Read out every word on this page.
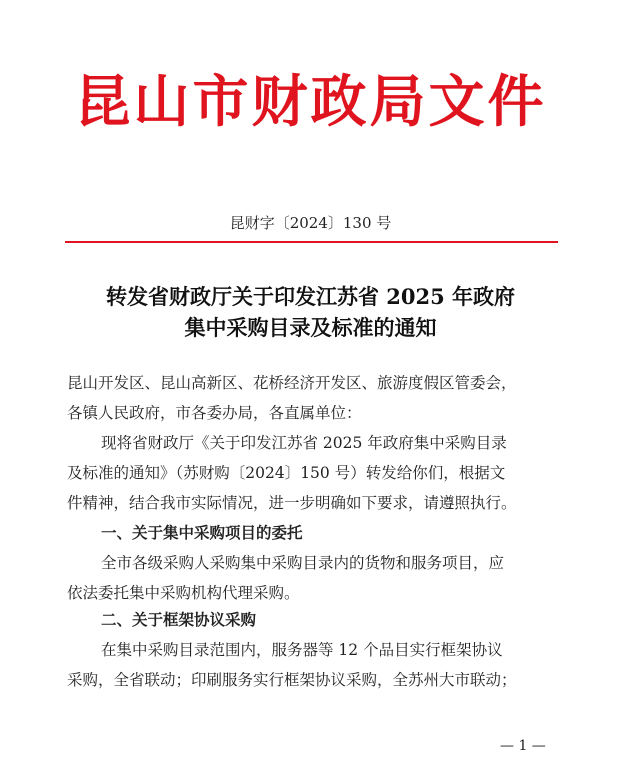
昆山市财政局文件
昆财字〔2024〕130 号
转发省财政厅关于印发江苏省 2025 年政府
集中采购目录及标准的通知
昆山开发区、昆山高新区、花桥经济开发区、旅游度假区管委会，
各镇人民政府，市各委办局，各直属单位：
现将省财政厅《关于印发江苏省 2025 年政府集中采购目录
及标准的通知》（苏财购〔2024〕150 号）转发给你们，根据文
件精神，结合我市实际情况，进一步明确如下要求，请遵照执行。
一、关于集中采购项目的委托
全市各级采购人采购集中采购目录内的货物和服务项目，应
依法委托集中采购机构代理采购。
二、关于框架协议采购
在集中采购目录范围内，服务器等 12 个品目实行框架协议
采购，全省联动；印刷服务实行框架协议采购，全苏州大市联动；
— 1 —
